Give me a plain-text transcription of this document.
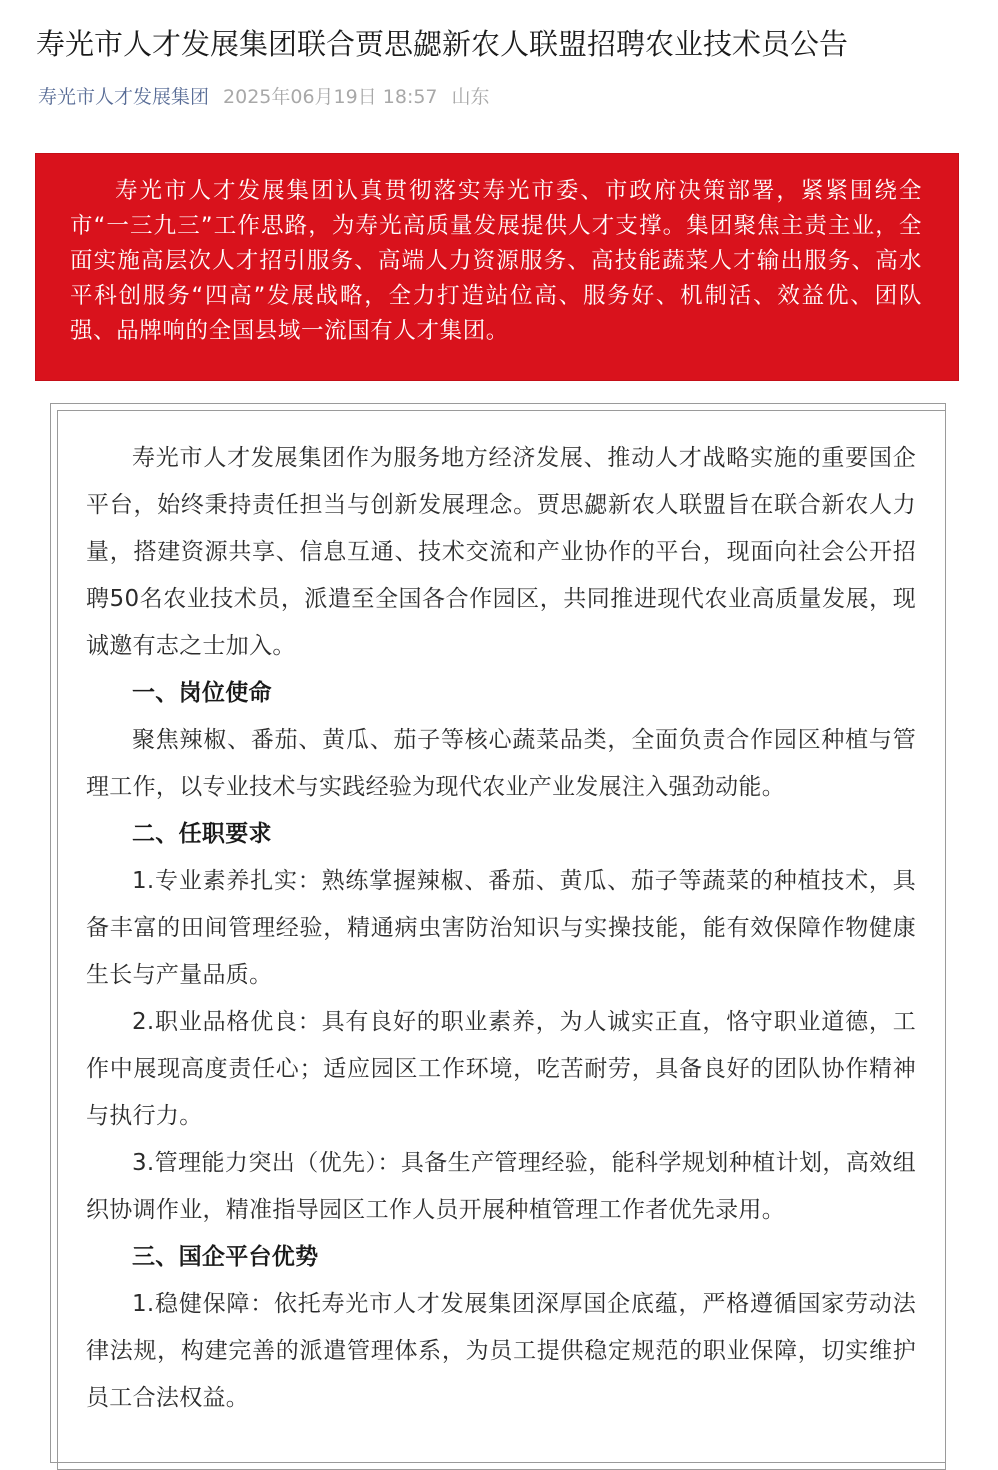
寿光市人才发展集团联合贾思勰新农人联盟招聘农业技术员公告
寿光市人才发展集团 2025年06月19日 18:57 山东

寿光市人才发展集团认真贯彻落实寿光市委、市政府决策部署，紧紧围绕全市“一三九三”工作思路，为寿光高质量发展提供人才支撑。集团聚焦主责主业，全面实施高层次人才招引服务、高端人力资源服务、高技能蔬菜人才输出服务、高水平科创服务“四高”发展战略，全力打造站位高、服务好、机制活、效益优、团队强、品牌响的全国县域一流国有人才集团。

寿光市人才发展集团作为服务地方经济发展、推动人才战略实施的重要国企平台，始终秉持责任担当与创新发展理念。贾思勰新农人联盟旨在联合新农人力量，搭建资源共享、信息互通、技术交流和产业协作的平台，现面向社会公开招聘50名农业技术员，派遣至全国各合作园区，共同推进现代农业高质量发展，现诚邀有志之士加入。

一、岗位使命

聚焦辣椒、番茄、黄瓜、茄子等核心蔬菜品类，全面负责合作园区种植与管理工作，以专业技术与实践经验为现代农业产业发展注入强劲动能。

二、任职要求

1.专业素养扎实：熟练掌握辣椒、番茄、黄瓜、茄子等蔬菜的种植技术，具备丰富的田间管理经验，精通病虫害防治知识与实操技能，能有效保障作物健康生长与产量品质。

2.职业品格优良：具有良好的职业素养，为人诚实正直，恪守职业道德，工作中展现高度责任心；适应园区工作环境，吃苦耐劳，具备良好的团队协作精神与执行力。

3.管理能力突出（优先）：具备生产管理经验，能科学规划种植计划，高效组织协调作业，精准指导园区工作人员开展种植管理工作者优先录用。

三、国企平台优势

1.稳健保障：依托寿光市人才发展集团深厚国企底蕴，严格遵循国家劳动法律法规，构建完善的派遣管理体系，为员工提供稳定规范的职业保障，切实维护员工合法权益。
